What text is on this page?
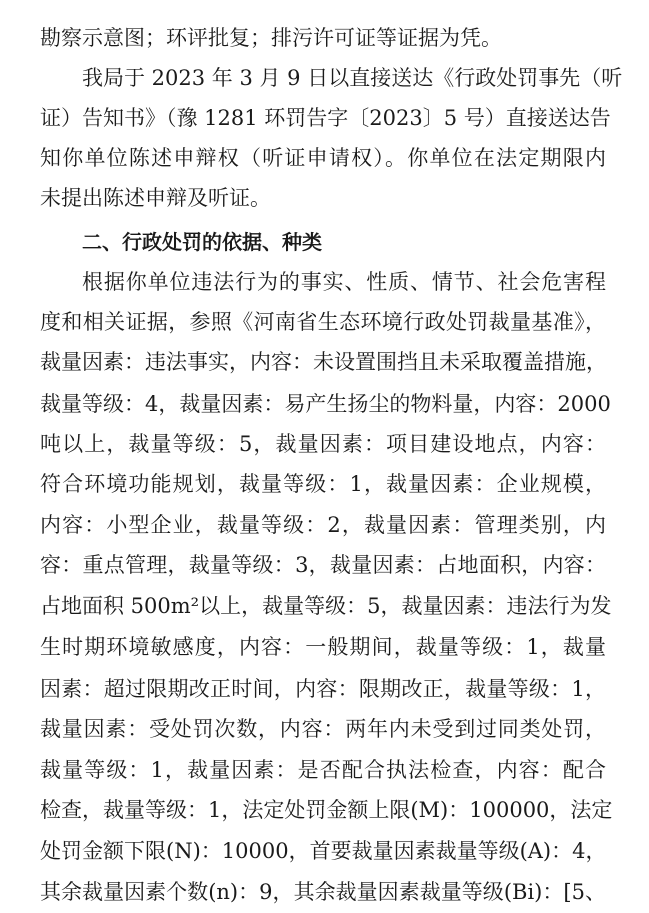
勘察示意图；环评批复；排污许可证等证据为凭。
我局于 2023 年 3 月 9 日以直接送达《行政处罚事先（听
证）告知书》（豫 1281 环罚告字〔2023〕5 号）直接送达告
知你单位陈述申辩权（听证申请权）。你单位在法定期限内
未提出陈述申辩及听证。
二、行政处罚的依据、种类
根据你单位违法行为的事实、性质、情节、社会危害程
度和相关证据，参照《河南省生态环境行政处罚裁量基准》，
裁量因素：违法事实，内容：未设置围挡且未采取覆盖措施，
裁量等级：4，裁量因素：易产生扬尘的物料量，内容：2000
吨以上，裁量等级：5，裁量因素：项目建设地点，内容：
符合环境功能规划，裁量等级：1，裁量因素：企业规模，
内容：小型企业，裁量等级：2，裁量因素：管理类别，内
容：重点管理，裁量等级：3，裁量因素：占地面积，内容：
占地面积 500m²以上，裁量等级：5，裁量因素：违法行为发
生时期环境敏感度，内容：一般期间，裁量等级：1，裁量
因素：超过限期改正时间，内容：限期改正，裁量等级：1，
裁量因素：受处罚次数，内容：两年内未受到过同类处罚，
裁量等级：1，裁量因素：是否配合执法检查，内容：配合
检查，裁量等级：1，法定处罚金额上限(M)：100000，法定
处罚金额下限(N)：10000，首要裁量因素裁量等级(A)：4，
其余裁量因素个数(n)：9，其余裁量因素裁量等级(Bi)：[5、
